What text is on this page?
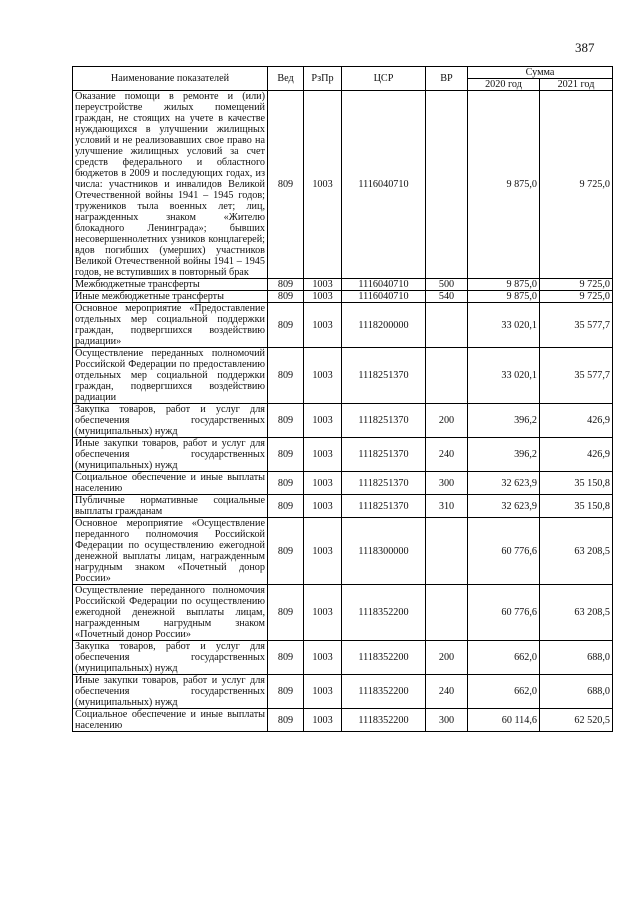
387
Наименование показателей	Вед	РзПр	ЦСР	ВР	Сумма	
					2020 год	2021 год
Оказание помощи в ремонте и (или) переустройстве жилых помещений граждан, не стоящих на учете в качестве нуждающихся в улучшении жилищных условий и не реализовавших свое право на улучшение жилищных условий за счет средств федерального и областного бюджетов в 2009 и последующих годах, из числа: участников и инвалидов Великой Отечественной войны 1941 – 1945 годов; тружеников тыла военных лет; лиц, награжденных знаком «Жителю блокадного Ленинграда»; бывших несовершеннолетних узников концлагерей; вдов погибших (умерших) участников Великой Отечественной войны 1941 – 1945 годов, не вступивших в повторный брак	809	1003	1116040710		9 875,0	9 725,0
Межбюджетные трансферты	809	1003	1116040710	500	9 875,0	9 725,0
Иные межбюджетные трансферты	809	1003	1116040710	540	9 875,0	9 725,0
Основное мероприятие «Предоставление отдельных мер социальной поддержки граждан, подвергшихся воздействию радиации»	809	1003	1118200000		33 020,1	35 577,7
Осуществление переданных полномочий Российской Федерации по предоставлению отдельных мер социальной поддержки граждан, подвергшихся воздействию радиации	809	1003	1118251370		33 020,1	35 577,7
Закупка товаров, работ и услуг для обеспечения государственных (муниципальных) нужд	809	1003	1118251370	200	396,2	426,9
Иные закупки товаров, работ и услуг для обеспечения государственных (муниципальных) нужд	809	1003	1118251370	240	396,2	426,9
Социальное обеспечение и иные выплаты населению	809	1003	1118251370	300	32 623,9	35 150,8
Публичные нормативные социальные выплаты гражданам	809	1003	1118251370	310	32 623,9	35 150,8
Основное мероприятие «Осуществление переданного полномочия Российской Федерации по осуществлению ежегодной денежной выплаты лицам, награжденным нагрудным знаком «Почетный донор России»	809	1003	1118300000		60 776,6	63 208,5
Осуществление переданного полномочия Российской Федерации по осуществлению ежегодной денежной выплаты лицам, награжденным нагрудным знаком «Почетный донор России»	809	1003	1118352200		60 776,6	63 208,5
Закупка товаров, работ и услуг для обеспечения государственных (муниципальных) нужд	809	1003	1118352200	200	662,0	688,0
Иные закупки товаров, работ и услуг для обеспечения государственных (муниципальных) нужд	809	1003	1118352200	240	662,0	688,0
Социальное обеспечение и иные выплаты населению	809	1003	1118352200	300	60 114,6	62 520,5
